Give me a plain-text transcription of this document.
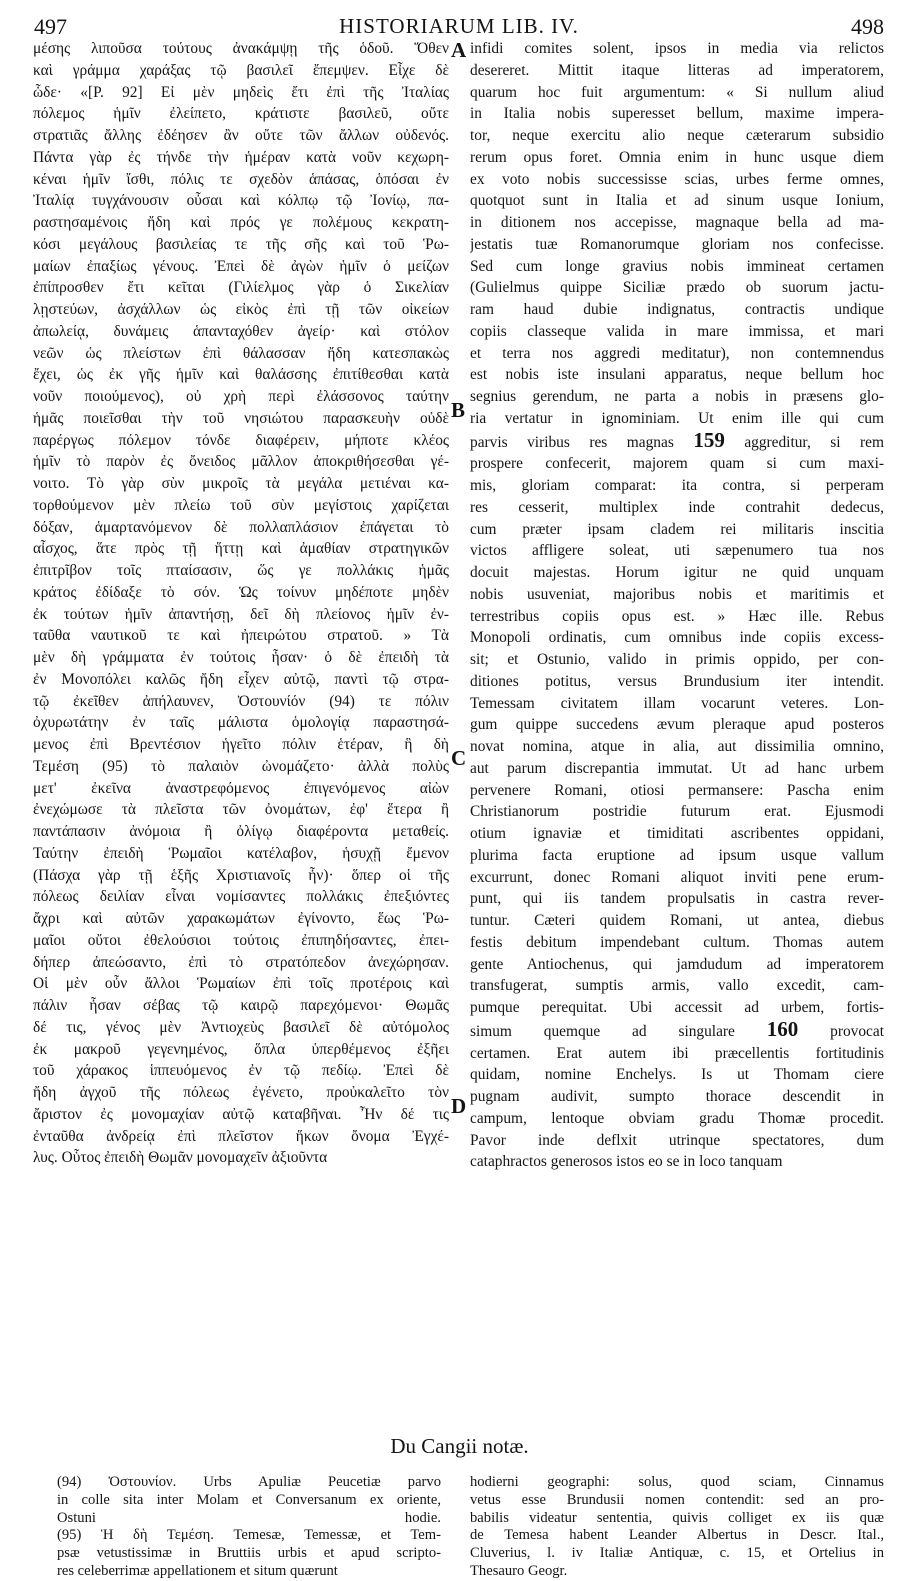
497	HISTORIARUM LIB. IV.	498
μέσης λιποῦσα τούτους ἀνακάμψῃ τῆς ὁδοῦ. Ὅθεν
καὶ γράμμα χαράξας τῷ βασιλεῖ ἔπεμψεν. Εἶχε δὲ
ὧδε· «[P. 92] Εἰ μὲν μηδεὶς ἔτι ἐπὶ τῆς Ἰταλίας
πόλεμος ἡμῖν ἐλείπετο, κράτιστε βασιλεῦ, οὔτε
στρατιᾶς ἄλλης ἐδέησεν ἂν οὔτε τῶν ἄλλων οὐδενός.
Πάντα γὰρ ἐς τήνδε τὴν ἡμέραν κατὰ νοῦν κεχωρη-
κέναι ἡμῖν ἴσθι, πόλις τε σχεδὸν ἁπάσας, ὁπόσαι ἐν
Ἰταλίᾳ τυγχάνουσιν οὖσαι καὶ κόλπῳ τῷ Ἰονίῳ, πα-
ραστησαμένοις ἤδη καὶ πρός γε πολέμους κεκρατη-
κόσι μεγάλους βασιλείας τε τῆς σῆς καὶ τοῦ Ῥω-
μαίων ἐπαξίως γένους. Ἐπεὶ δὲ ἀγὼν ἡμῖν ὁ μείζων
ἐπίπροσθεν ἔτι κεῖται (Γιλίελμος γὰρ ὁ Σικελίαν
λῃστεύων, ἀσχάλλων ὡς εἰκὸς ἐπὶ τῇ τῶν οἰκείων
ἀπωλείᾳ, δυνάμεις ἁπανταχόθεν ἀγείρ· καὶ στόλον
νεῶν ὡς πλείστων ἐπὶ θάλασσαν ἤδη κατεσπακὼς
ἔχει, ὡς ἐκ γῆς ἡμῖν καὶ θαλάσσης ἐπιτίθεσθαι κατὰ
νοῦν ποιούμενος), οὐ χρὴ περὶ ἐλάσσονος ταύτην
ἡμᾶς ποιεῖσθαι τὴν τοῦ νησιώτου παρασκευὴν οὐδὲ
παρέργως πόλεμον τόνδε διαφέρειν, μήποτε κλέος
ἡμῖν τὸ παρὸν ἐς ὄνειδος μᾶλλον ἀποκριθήσεσθαι γέ-
νοιτο. Τὸ γὰρ σὺν μικροῖς τὰ μεγάλα μετιέναι κα-
τορθούμενον μὲν πλείω τοῦ σὺν μεγίστοις χαρίζεται
δόξαν, ἁμαρτανόμενον δὲ πολλαπλάσιον ἐπάγεται τὸ
αἶσχος, ἅτε πρὸς τῇ ἥττῃ καὶ ἀμαθίαν στρατηγικῶν
ἐπιτρῖβον τοῖς πταίσασιν, ὥς γε πολλάκις ἡμᾶς
κράτος ἐδίδαξε τὸ σόν. Ὡς τοίνυν μηδέποτε μηδὲν
ἐκ τούτων ἡμῖν ἀπαντήσῃ, δεῖ δὴ πλείονος ἡμῖν ἐν-
ταῦθα ναυτικοῦ τε καὶ ἠπειρώτου στρατοῦ. » Τὰ
μὲν δὴ γράμματα ἐν τούτοις ἦσαν· ὁ δὲ ἐπειδὴ τὰ
ἐν Μονοπόλει καλῶς ἤδη εἶχεν αὐτῷ, παντὶ τῷ στρα-
τῷ ἐκεῖθεν ἀπήλαυνεν, Ὀστουνίόν (94) τε πόλιν
ὀχυρωτάτην ἐν ταῖς μάλιστα ὁμολογίᾳ παραστησά-
μενος ἐπὶ Βρεντέσιον ἡγεῖτο πόλιν ἑτέραν, ἣ δὴ
Τεμέση (95) τὸ παλαιὸν ὠνομάζετο· ἀλλὰ πολὺς
μετ' ἐκεῖνα ἀναστρεφόμενος ἐπιγενόμενος αἰὼν
ἐνεχώμωσε τὰ πλεῖστα τῶν ὀνομάτων, ἐφ' ἕτερα ἢ
παντάπασιν ἀνόμοια ἢ ὀλίγῳ διαφέροντα μεταθείς.
Ταύτην ἐπειδὴ Ῥωμαῖοι κατέλαβον, ἡσυχῇ ἔμενον
(Πάσχα γὰρ τῇ ἑξῆς Χριστιανοῖς ἦν)· ὅπερ οἱ τῆς
πόλεως δειλίαν εἶναι νομίσαντες πολλάκις ἐπεξιόντες
ἄχρι καὶ αὐτῶν χαρακωμάτων ἐγίνοντο, ἕως Ῥω-
μαῖοι οὔτοι ἐθελούσιοι τούτοις ἐπιπηδήσαντες, ἐπει-
δήπερ ἀπεώσαντο, ἐπὶ τὸ στρατόπεδον ἀνεχώρησαν.
Οἱ μὲν οὖν ἄλλοι Ῥωμαίων ἐπὶ τοῖς προτέροις καὶ
πάλιν ἦσαν σέβας τῷ καιρῷ παρεχόμενοι· Θωμᾶς
δέ τις, γένος μὲν Ἀντιοχεὺς βασιλεῖ δὲ αὐτόμολος
ἐκ μακροῦ γεγενημένος, ὅπλα ὑπερθέμενος ἐξῆει
τοῦ χάρακος ἱππευόμενος ἐν τῷ πεδίῳ. Ἐπεὶ δὲ
ἤδη ἀγχοῦ τῆς πόλεως ἐγένετο, προὐκαλεῖτο τὸν
ἄριστον ἐς μονομαχίαν αὐτῷ καταβῆναι. Ἦν δέ τις
ἐνταῦθα ἀνδρείᾳ ἐπὶ πλεῖστον ἥκων ὄνομα Ἐγχέ-
λυς. Οὗτος ἐπειδὴ Θωμᾶν μονομαχεῖν ἀξιοῦντα
infidi comites solent, ipsos in media via relictos
desereret. Mittit itaque litteras ad imperatorem,
quarum hoc fuit argumentum: « Si nullum aliud
in Italia nobis superesset bellum, maxime impera-
tor, neque exercitu alio neque cæterarum subsidio
rerum opus foret. Omnia enim in hunc usque diem
ex voto nobis successisse scias, urbes ferme omnes,
quotquot sunt in Italia et ad sinum usque Ionium,
in ditionem nos accepisse, magnaque bella ad ma-
jestatis tuæ Romanorumque gloriam nos confecisse.
Sed cum longe gravius nobis immineat certamen
(Gulielmus quippe Siciliæ prædo ob suorum jactu-
ram haud dubie indignatus, contractis undique
copiis classeque valida in mare immissa, et mari
et terra nos aggredi meditatur), non contemnendus
est nobis iste insulani apparatus, neque bellum hoc
segnius gerendum, ne parta a nobis in præsens glo-
ria vertatur in ignominiam. Ut enim ille qui cum
parvis viribus res magnas 159 aggreditur, si rem
prospere confecerit, majorem quam si cum maxi-
mis, gloriam comparat: ita contra, si perperam
res cesserit, multiplex inde contrahit dedecus,
cum præter ipsam cladem rei militaris inscitia
victos affligere soleat, uti sæpenumero tua nos
docuit majestas. Horum igitur ne quid unquam
nobis usuveniat, majoribus nobis et maritimis et
terrestribus copiis opus est. » Hæc ille. Rebus
Monopoli ordinatis, cum omnibus inde copiis excess-
sit; et Ostunio, valido in primis oppido, per con-
ditiones potitus, versus Brundusium iter intendit.
Temessam civitatem illam vocarunt veteres. Lon-
gum quippe succedens ævum pleraque apud posteros
novat nomina, atque in alia, aut dissimilia omnino,
aut parum discrepantia immutat. Ut ad hanc urbem
pervenere Romani, otiosi permansere: Pascha enim
Christianorum postridie futurum erat. Ejusmodi
otium ignaviæ et timiditati ascribentes oppidani,
plurima facta eruptione ad ipsum usque vallum
excurrunt, donec Romani aliquot inviti pene erum-
punt, qui iis tandem propulsatis in castra rever-
tuntur. Cæteri quidem Romani, ut antea, diebus
festis debitum impendebant cultum. Thomas autem
gente Antiochenus, qui jamdudum ad imperatorem
transfugerat, sumptis armis, vallo excedit, cam-
pumque perequitat. Ubi accessit ad urbem, fortis-
simum quemque ad singulare 160 provocat
certamen. Erat autem ibi præcellentis fortitudinis
quidam, nomine Enchelys. Is ut Thomam ciere
pugnam audivit, sumpto thorace descendit in
campum, lentoque obviam gradu Thomæ procedit.
Pavor inde deflxit utrinque spectatores, dum
cataphractos generosos istos eo se in loco tanquam
A
B
C
D
Du Cangii notæ.
(94) Ὀστουνίον. Urbs Apuliæ Peucetiæ parvo
in colle sita inter Molam et Conversanum ex oriente,
Ostuni hodie.
(95) Ἡ δὴ Τεμέση. Temesæ, Temessæ, et Tem-
psæ vetustissimæ in Bruttiis urbis et apud scripto-
res celeberrimæ appellationem et situm quærunt
hodierni geographi: solus, quod sciam, Cinnamus
vetus esse Brundusii nomen contendit: sed an pro-
babilis videatur sententia, quivis colliget ex iis quæ
de Temesa habent Leander Albertus in Descr. Ital.,
Cluverius, l. iv Italiæ Antiquæ, c. 15, et Ortelius in
Thesauro Geogr.
